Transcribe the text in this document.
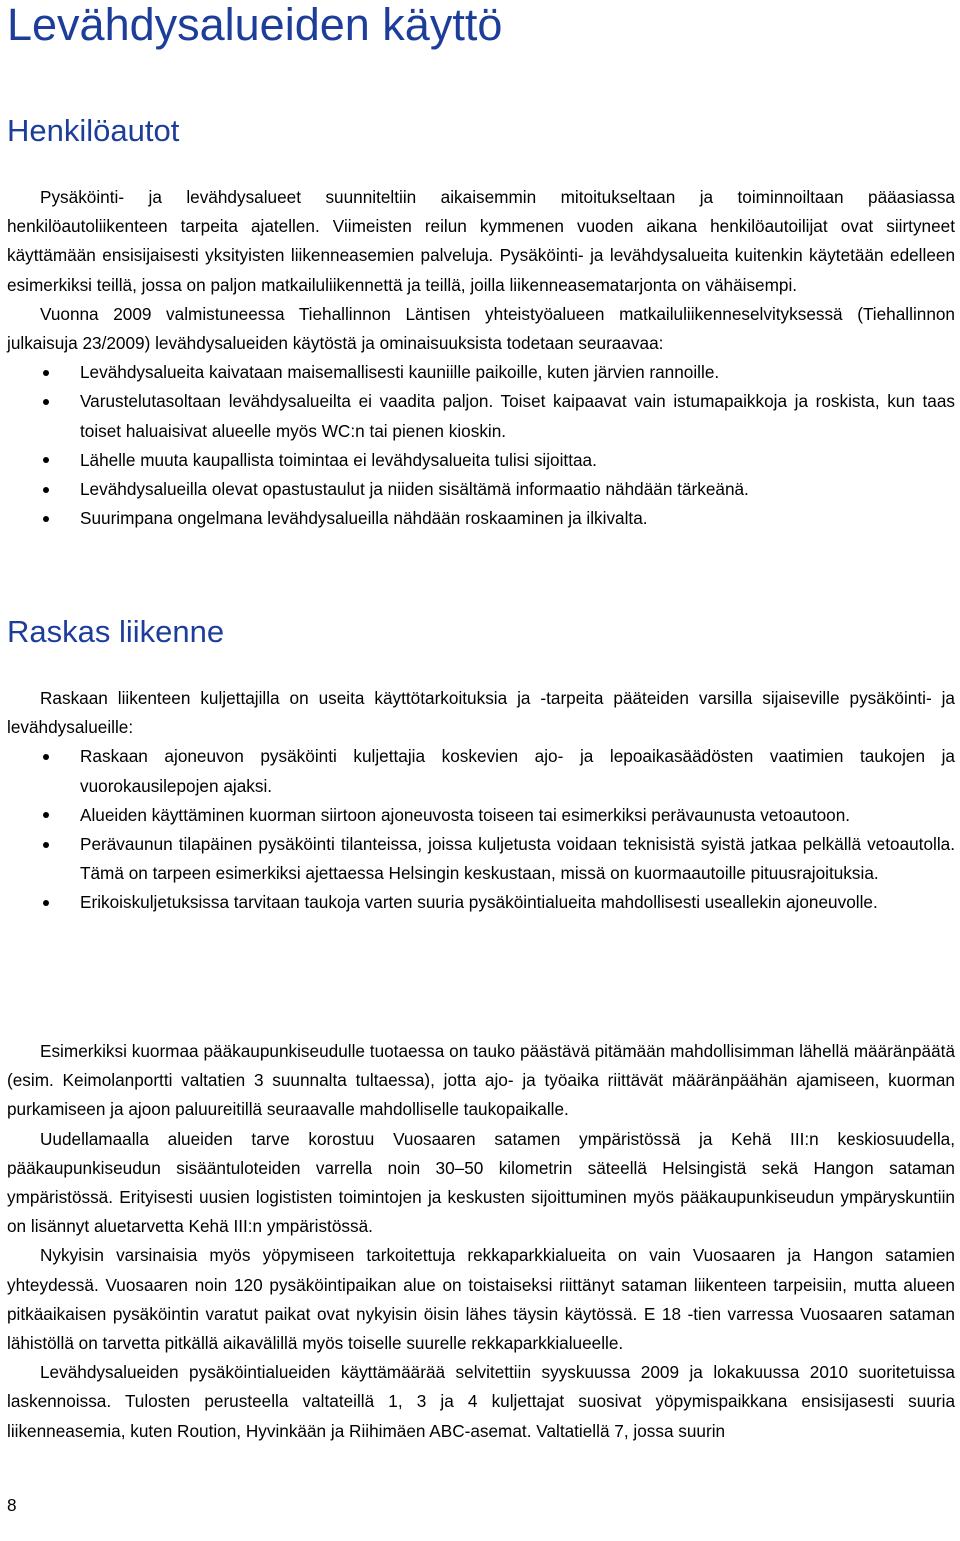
Levähdysalueiden käyttö
Henkilöautot

Pysäköinti- ja levähdysalueet suunniteltiin aikaisemmin mitoitukseltaan ja toiminnoiltaan pääasiassa henkilöautoliikenteen tarpeita ajatellen. Viimeisten reilun kymmenen vuoden aikana henkilöautoilijat ovat siirtyneet käyttämään ensisijaisesti yksityisten liikenneasemien palveluja. Pysäköinti- ja levähdysalueita kuitenkin käytetään edelleen esimerkiksi teillä, jossa on paljon matkailuliikennettä ja teillä, joilla liikenneasematarjonta on vähäisempi.

Vuonna 2009 valmistuneessa Tiehallinnon Läntisen yhteistyöalueen matkailuliikenneselvityksessä (Tiehallinnon julkaisuja 23/2009) levähdysalueiden käytöstä ja ominaisuuksista todetaan seuraavaa:

Levähdysalueita kaivataan maisemallisesti kauniille paikoille, kuten järvien rannoille.
Varustelutasoltaan levähdysalueilta ei vaadita paljon. Toiset kaipaavat vain istumapaikkoja ja roskista, kun taas toiset haluaisivat alueelle myös WC:n tai pienen kioskin.
Lähelle muuta kaupallista toimintaa ei levähdysalueita tulisi sijoittaa.
Levähdysalueilla olevat opastustaulut ja niiden sisältämä informaatio nähdään tärkeänä.
Suurimpana ongelmana levähdysalueilla nähdään roskaaminen ja ilkivalta.
Raskas liikenne

Raskaan liikenteen kuljettajilla on useita käyttötarkoituksia ja -tarpeita pääteiden varsilla sijaiseville pysäköinti- ja levähdysalueille:

Raskaan ajoneuvon pysäköinti kuljettajia koskevien ajo- ja lepoaikasäädösten vaatimien taukojen ja vuorokausilepojen ajaksi.
Alueiden käyttäminen kuorman siirtoon ajoneuvosta toiseen tai esimerkiksi perävaunusta vetoautoon.
Perävaunun tilapäinen pysäköinti tilanteissa, joissa kuljetusta voidaan teknisistä syistä jatkaa pelkällä vetoautolla. Tämä on tarpeen esimerkiksi ajettaessa Helsingin keskustaan, missä on kuormaautoille pituusrajoituksia.
Erikoiskuljetuksissa tarvitaan taukoja varten suuria pysäköintialueita mahdollisesti useallekin ajoneuvolle.

Esimerkiksi kuormaa pääkaupunkiseudulle tuotaessa on tauko päästävä pitämään mahdollisimman lähellä määränpäätä (esim. Keimolanportti valtatien 3 suunnalta tultaessa), jotta ajo- ja työaika riittävät määränpäähän ajamiseen, kuorman purkamiseen ja ajoon paluureitillä seuraavalle mahdolliselle taukopaikalle.

Uudellamaalla alueiden tarve korostuu Vuosaaren satamen ympäristössä ja Kehä III:n keskiosuudella, pääkaupunkiseudun sisääntuloteiden varrella noin 30–50 kilometrin säteellä Helsingistä sekä Hangon sataman ympäristössä. Erityisesti uusien logististen toimintojen ja keskusten sijoittuminen myös pääkaupunkiseudun ympäryskuntiin on lisännyt aluetarvetta Kehä III:n ympäristössä.

Nykyisin varsinaisia myös yöpymiseen tarkoitettuja rekkaparkkialueita on vain Vuosaaren ja Hangon satamien yhteydessä. Vuosaaren noin 120 pysäköintipaikan alue on toistaiseksi riittänyt sataman liikenteen tarpeisiin, mutta alueen pitkäaikaisen pysäköintin varatut paikat ovat nykyisin öisin lähes täysin käytössä. E 18 -tien varressa Vuosaaren sataman lähistöllä on tarvetta pitkällä aikavälillä myös toiselle suurelle rekkaparkkialueelle.

Levähdysalueiden pysäköintialueiden käyttämäärää selvitettiin syyskuussa 2009 ja lokakuussa 2010 suoritetuissa laskennoissa. Tulosten perusteella valtateillä 1, 3 ja 4 kuljettajat suosivat yöpymispaikkana ensisijasesti suuria liikenneasemia, kuten Roution, Hyvinkään ja Riihimäen ABC-asemat. Valtatiellä 7, jossa suurin

8
